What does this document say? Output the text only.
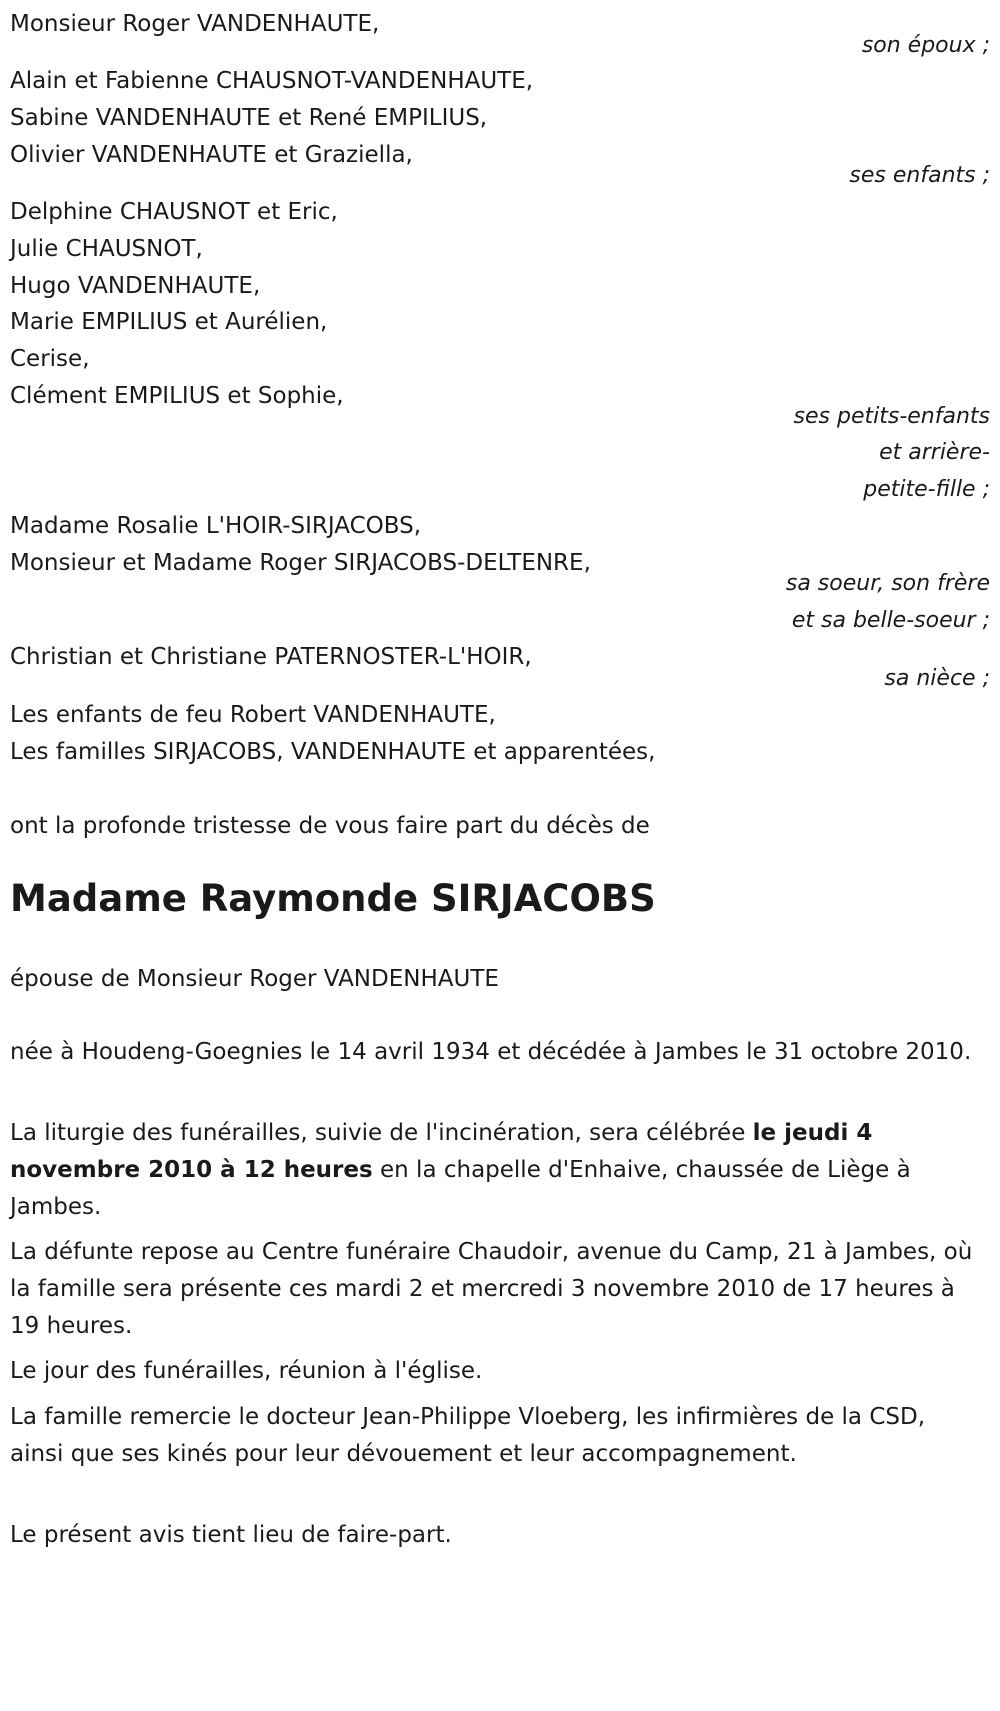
Monsieur Roger VANDENHAUTE,
son époux ;
Alain et Fabienne CHAUSNOT-VANDENHAUTE,
Sabine VANDENHAUTE et René EMPILIUS,
Olivier VANDENHAUTE et Graziella,
ses enfants ;
Delphine CHAUSNOT et Eric,
Julie CHAUSNOT,
Hugo VANDENHAUTE,
Marie EMPILIUS et Aurélien,
Cerise,
Clément EMPILIUS et Sophie,
ses petits-enfants
et arrière-
petite-fille ;
Madame Rosalie L'HOIR-SIRJACOBS,
Monsieur et Madame Roger SIRJACOBS-DELTENRE,
sa soeur, son frère
et sa belle-soeur ;
Christian et Christiane PATERNOSTER-L'HOIR,
sa nièce ;
Les enfants de feu Robert VANDENHAUTE,
Les familles SIRJACOBS, VANDENHAUTE et apparentées,
ont la profonde tristesse de vous faire part du décès de
Madame Raymonde SIRJACOBS
épouse de Monsieur Roger VANDENHAUTE
née à Houdeng-Goegnies le 14 avril 1934 et décédée à Jambes le 31 octobre 2010.
La liturgie des funérailles, suivie de l'incinération, sera célébrée le jeudi 4 novembre 2010 à 12 heures en la chapelle d'Enhaive, chaussée de Liège à Jambes.
La défunte repose au Centre funéraire Chaudoir, avenue du Camp, 21 à Jambes, où la famille sera présente ces mardi 2 et mercredi 3 novembre 2010 de 17 heures à 19 heures.
Le jour des funérailles, réunion à l'église.
La famille remercie le docteur Jean-Philippe Vloeberg, les infirmières de la CSD, ainsi que ses kinés pour leur dévouement et leur accompagnement.
Le présent avis tient lieu de faire-part.
